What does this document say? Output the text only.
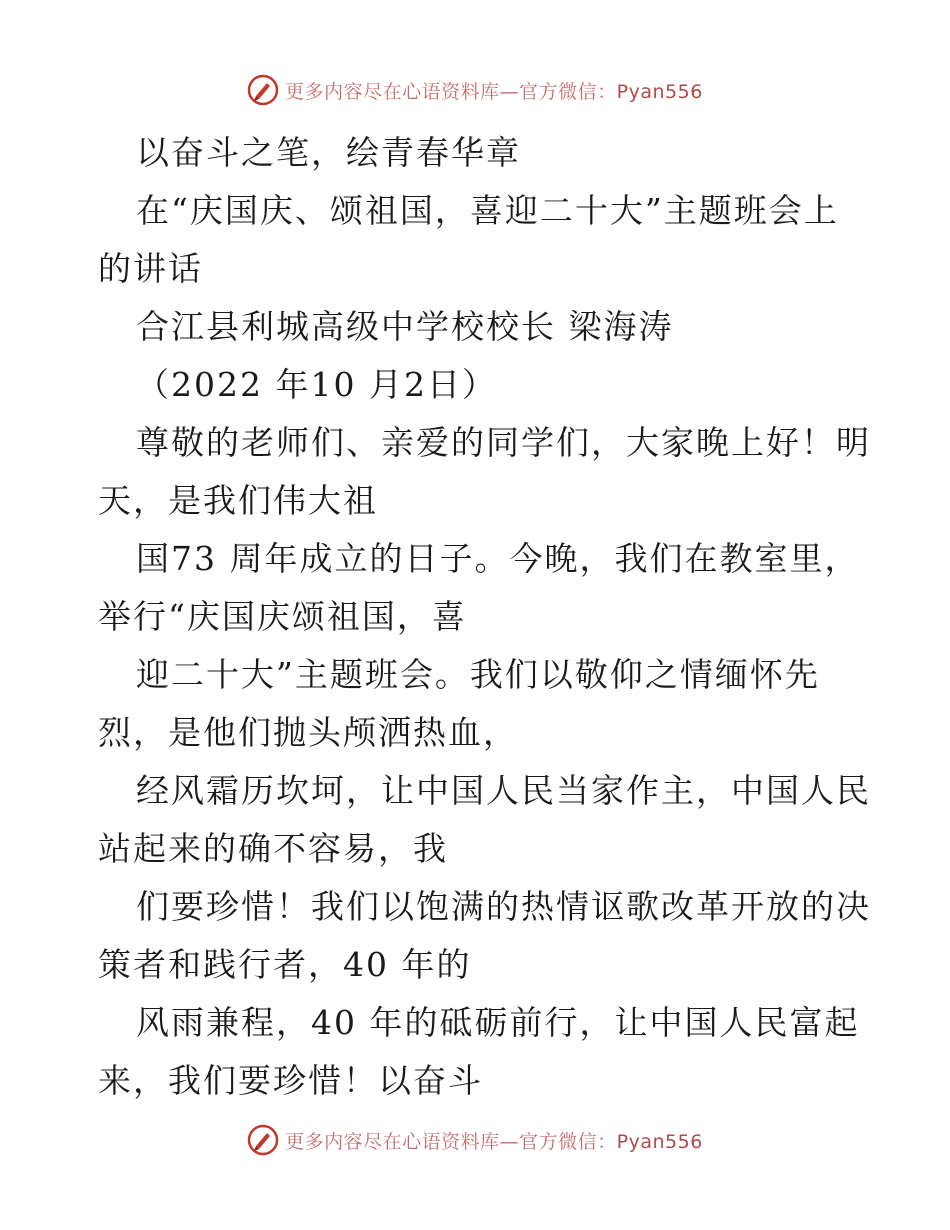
更多内容尽在心语资料库—官方微信：Pyan556
以奋斗之笔，绘青春华章
在“庆国庆、颂祖国，喜迎二十大”主题班会上
的讲话
合江县利城高级中学校校长 梁海涛
（2022 年10 月2日）
尊敬的老师们、亲爱的同学们，大家晚上好！明
天，是我们伟大祖
国73 周年成立的日子。今晚，我们在教室里，
举行“庆国庆颂祖国，喜
迎二十大”主题班会。我们以敬仰之情缅怀先
烈，是他们抛头颅洒热血，
经风霜历坎坷，让中国人民当家作主，中国人民
站起来的确不容易，我
们要珍惜！我们以饱满的热情讴歌改革开放的决
策者和践行者，40 年的
风雨兼程，40 年的砥砺前行，让中国人民富起
来，我们要珍惜！以奋斗
更多内容尽在心语资料库—官方微信：Pyan556
